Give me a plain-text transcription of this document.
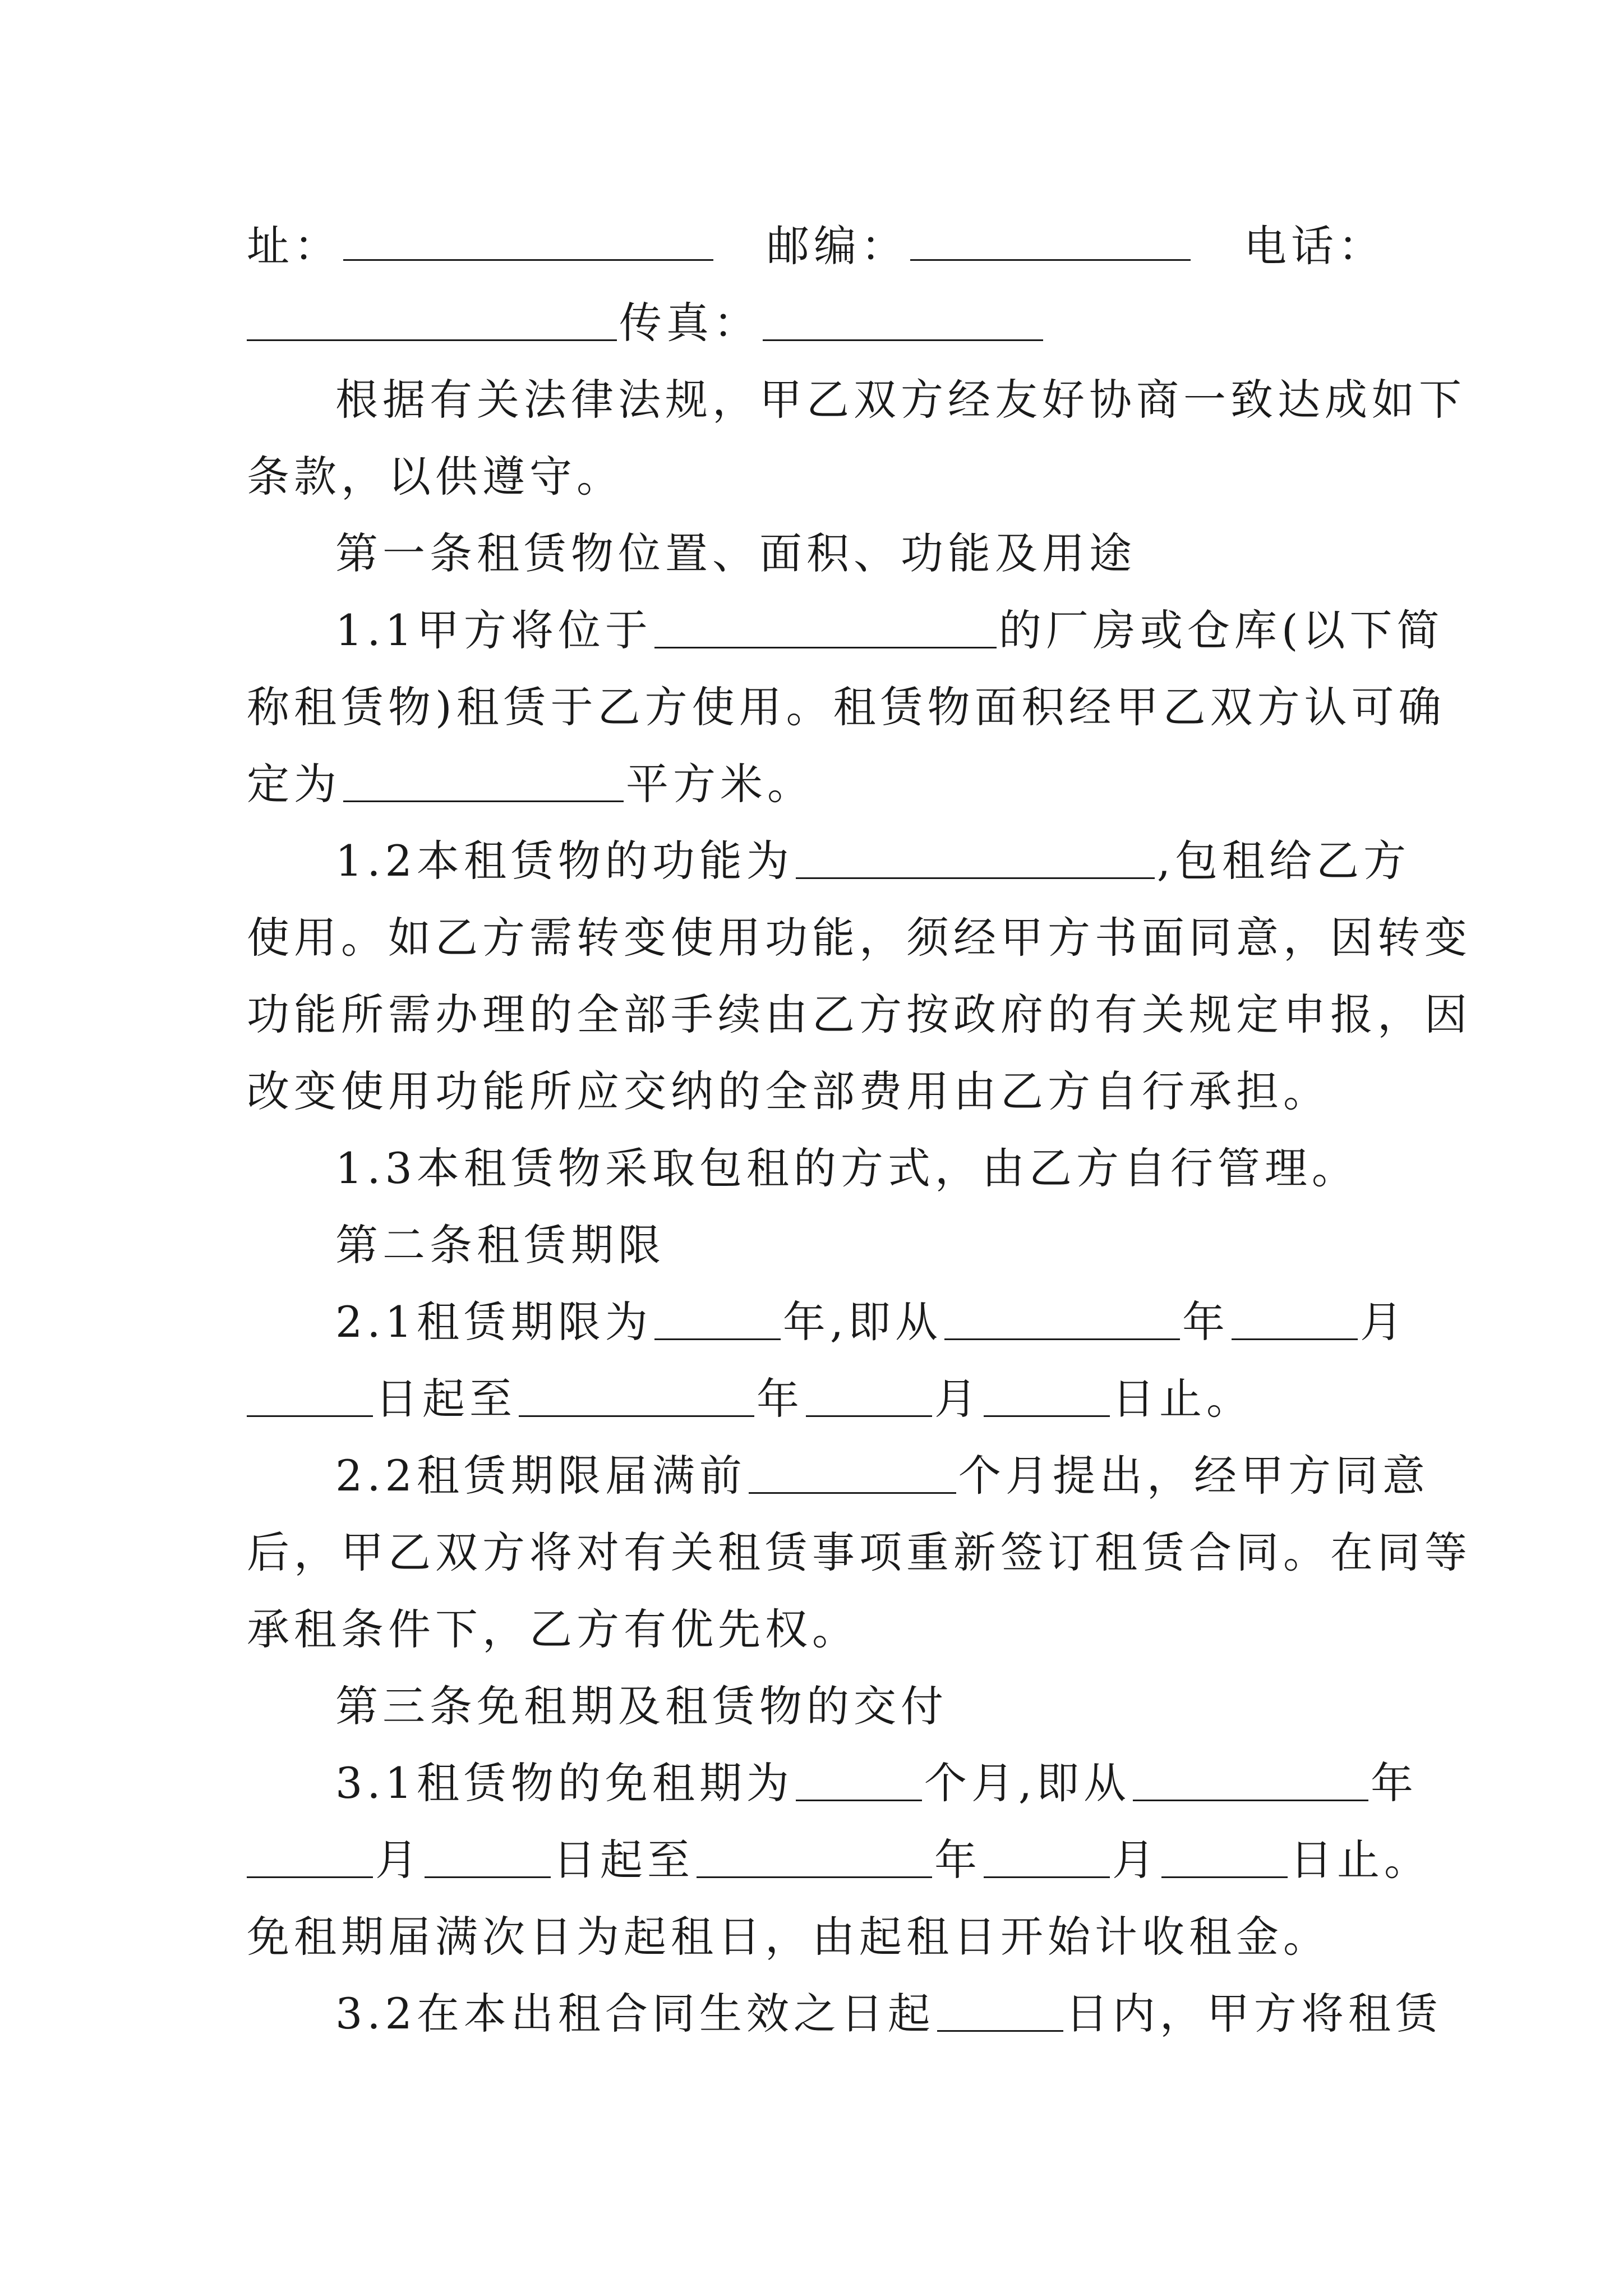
址：	邮编：	电话：
传真：
根据有关法律法规，甲乙双方经友好协商一致达成如下
条款，以供遵守。
第一条租赁物位置、面积、功能及用途
1.1甲方将位于	的厂房或仓库(以下简
称租赁物)租赁于乙方使用。租赁物面积经甲乙双方认可确
定为	平方米。
1.2本租赁物的功能为	,包租给乙方
使用。如乙方需转变使用功能，须经甲方书面同意，因转变
功能所需办理的全部手续由乙方按政府的有关规定申报，因
改变使用功能所应交纳的全部费用由乙方自行承担。
1.3本租赁物采取包租的方式，由乙方自行管理。
第二条租赁期限
2.1租赁期限为	年,即从	年	月
日起至	年	月	日止。
2.2租赁期限届满前	个月提出，经甲方同意
后，甲乙双方将对有关租赁事项重新签订租赁合同。在同等
承租条件下，乙方有优先权。
第三条免租期及租赁物的交付
3.1租赁物的免租期为	个月,即从	年
月	日起至	年	月	日止。
免租期届满次日为起租日，由起租日开始计收租金。
3.2在本出租合同生效之日起	日内，甲方将租赁
